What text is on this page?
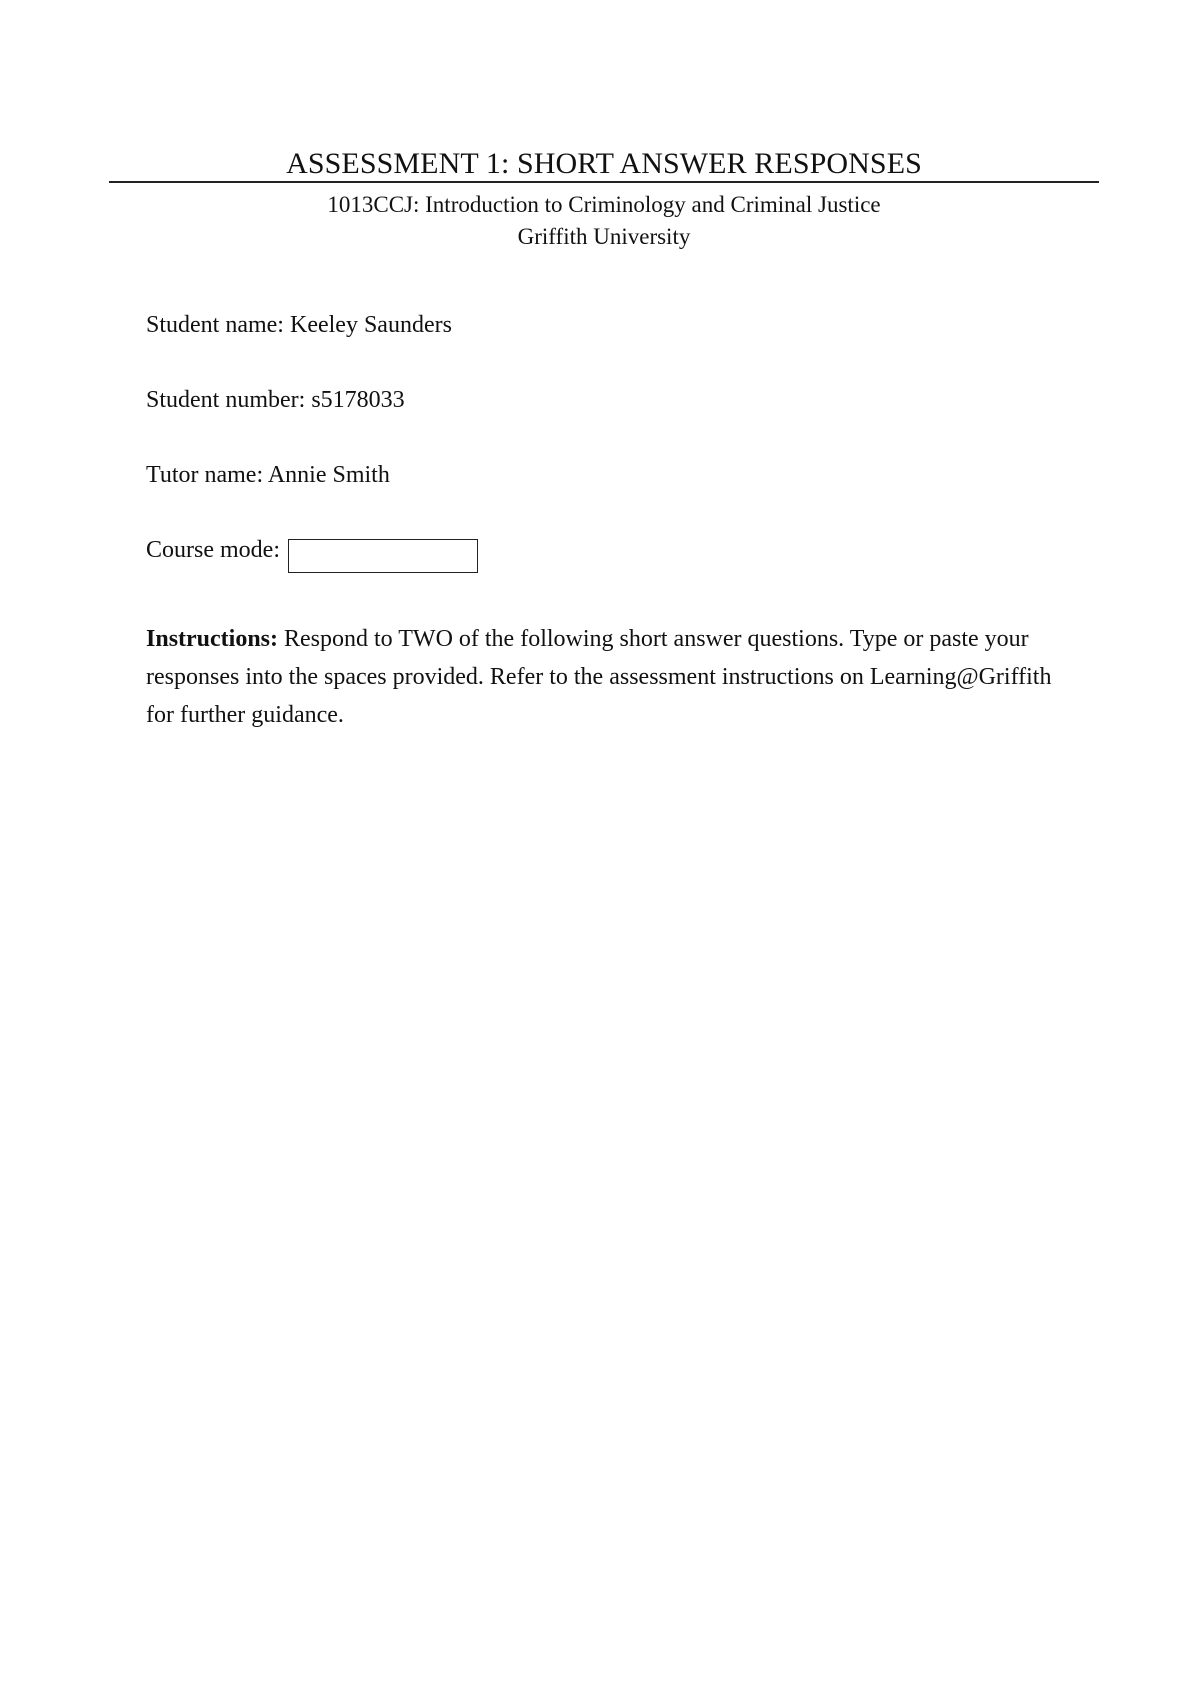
ASSESSMENT 1: SHORT ANSWER RESPONSES
1013CCJ: Introduction to Criminology and Criminal Justice
Griffith University
Student name: Keeley Saunders
Student number: s5178033
Tutor name: Annie Smith
Course mode:
Instructions: Respond to TWO of the following short answer questions. Type or paste your responses into the spaces provided. Refer to the assessment instructions on Learning@Griffith for further guidance.
